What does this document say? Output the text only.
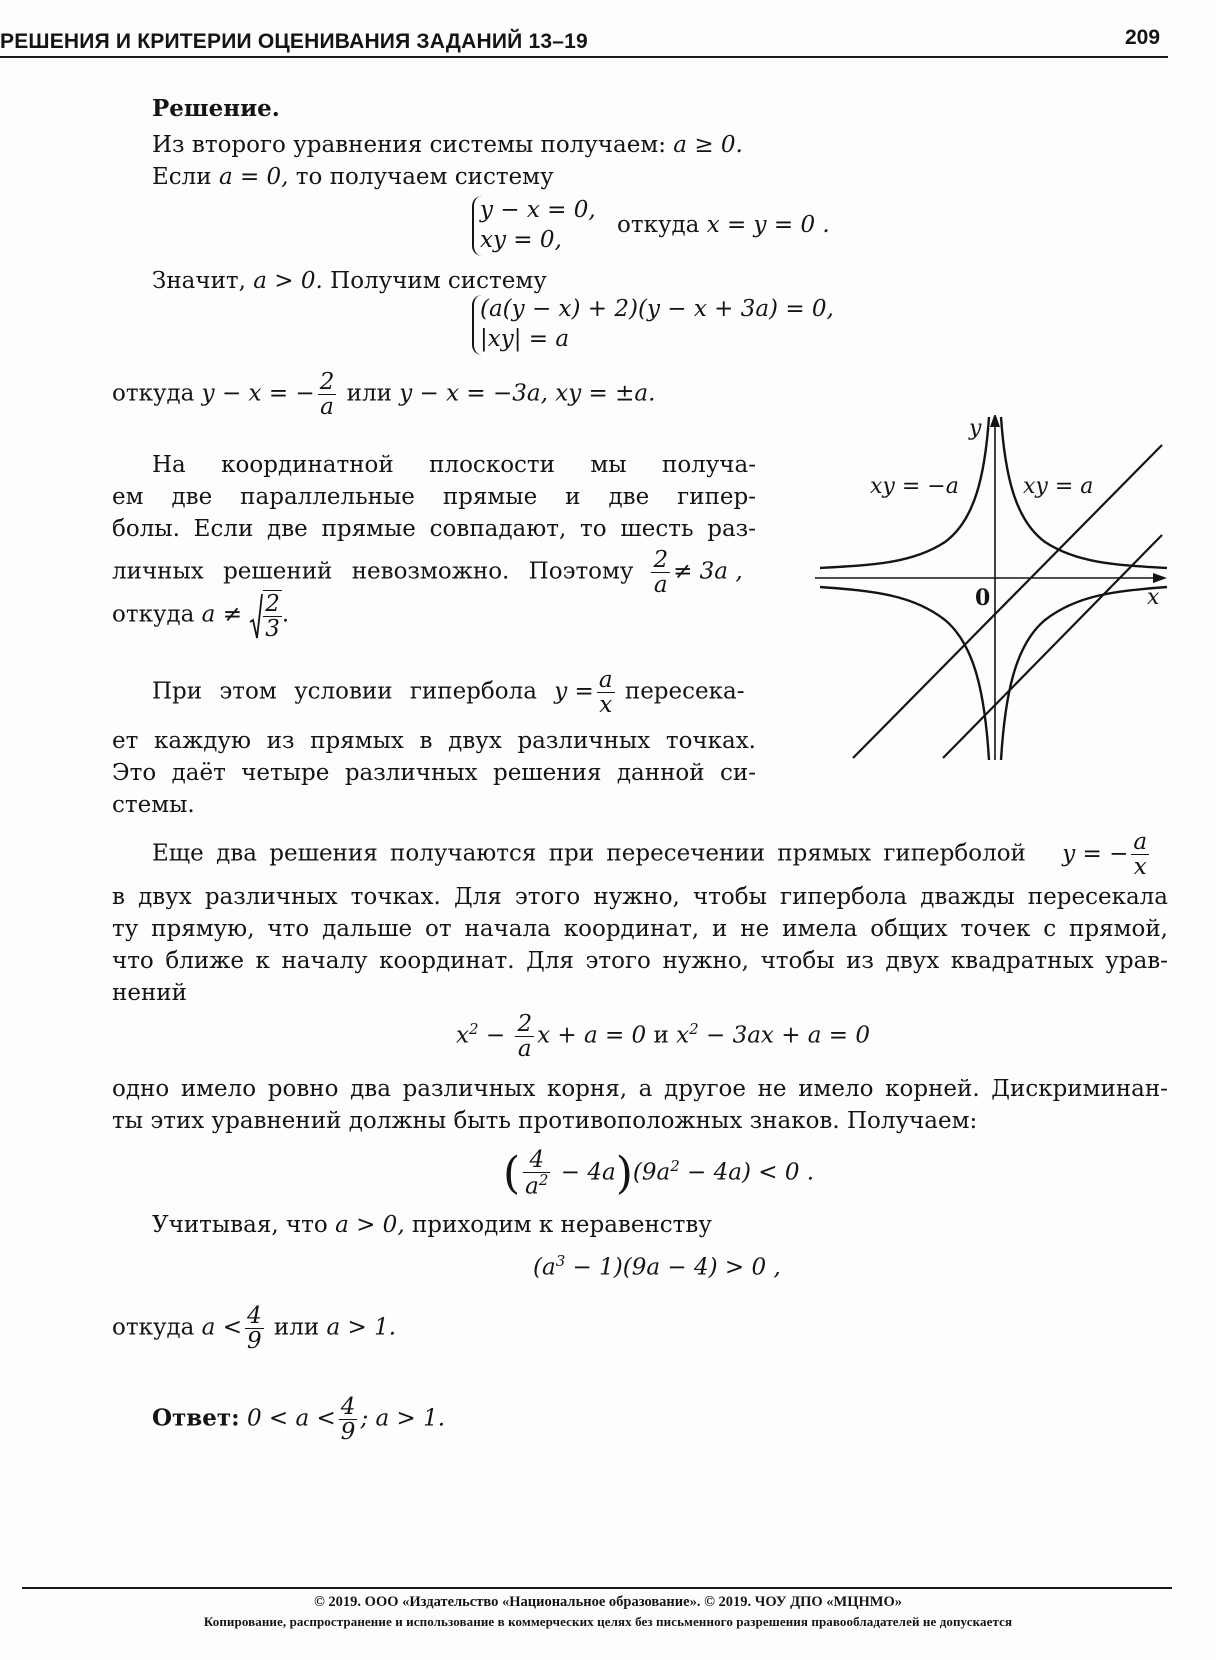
РЕШЕНИЯ И КРИТЕРИИ ОЦЕНИВАНИЯ ЗАДАНИЙ 13–19	209
Решение.
Из второго уравнения системы получаем: a ≥ 0.
Если a = 0, то получаем систему
y − x = 0,
xy = 0,
откуда x = y = 0 .
Значит, a > 0. Получим систему
(a(y − x) + 2)(y − x + 3a) = 0,
|xy| = a
откуда y − x = − $\frac{2}{a}$ или y − x = −3a, xy = ±a.
На координатной плоскости мы получа-
ем две параллельные прямые и две гипер-
болы. Если две прямые совпадают, то шесть раз-
личных решений невозможно. Поэтому $\frac{2}{a} \ne 3a$ ,
откуда $a \ne \frac{2}{3}$ .
При этом условии гипербола $y = \frac{a}{x}$ пересека-
ет каждую из прямых в двух различных точках.
Это даёт четыре различных решения данной си-
стемы.
y
x
0
xy = −a	xy = a
Еще два решения получаются при пересечении прямых гиперболой y = − $\frac{a}{x}$
в двух различных точках. Для этого нужно, чтобы гипербола дважды пересекала
ту прямую, что дальше от начала координат, и не имела общих точек с прямой,
что ближе к началу координат. Для этого нужно, чтобы из двух квадратных урав-
нений
$x^2 - \frac{2}{a}$ x + a = 0 и $x^2 - 3ax + a = 0$
одно имело ровно два различных корня, а другое не имело корней. Дискриминан-
ты этих уравнений должны быть противоположных знаков. Получаем:
( $\frac{4}{a^2} - 4a)(9a^2 - 4a) < 0$ .
Учитывая, что a > 0, приходим к неравенству
$(a^3 - 1)(9a - 4) > 0$ ,
откуда $a < \frac{4}{9}$ или a > 1.
Ответ: $0 < a < \frac{4}{9}$ ; a > 1.
© 2019. ООО «Издательство «Национальное образование». © 2019. ЧОУ ДПО «МЦНМО»
Копирование, распространение и использование в коммерческих целях без письменного разрешения правообладателей не допускается
